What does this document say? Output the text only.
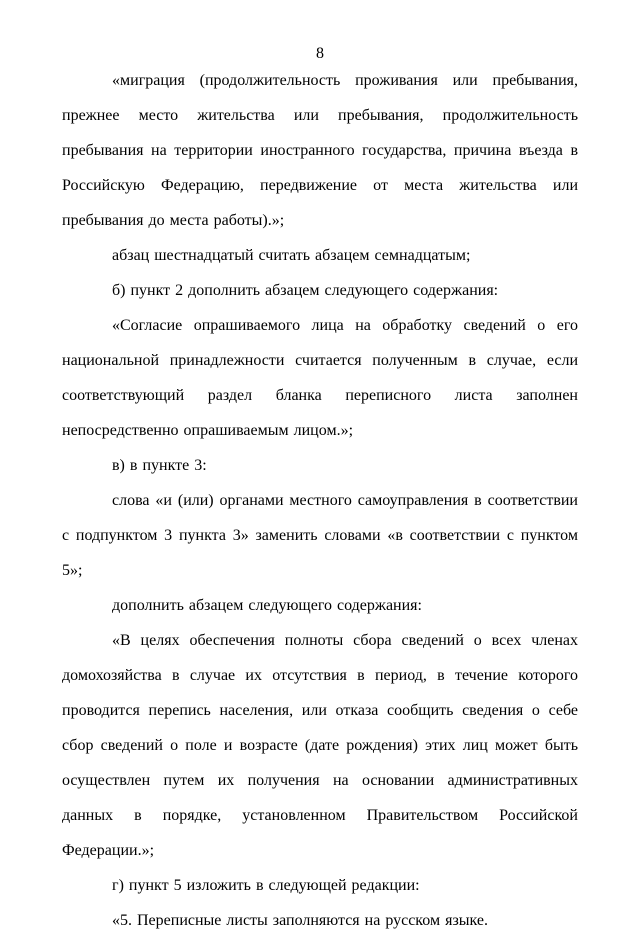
8

«миграция (продолжительность проживания или пребывания, прежнее место жительства или пребывания, продолжительность пребывания на территории иностранного государства, причина въезда в Российскую Федерацию, передвижение от места жительства или пребывания до места работы).»;

абзац шестнадцатый считать абзацем семнадцатым;

б) пункт 2 дополнить абзацем следующего содержания:

«Согласие опрашиваемого лица на обработку сведений о его национальной принадлежности считается полученным в случае, если соответствующий раздел бланка переписного листа заполнен непосредственно опрашиваемым лицом.»;

в) в пункте 3:

слова «и (или) органами местного самоуправления в соответствии с подпунктом 3 пункта 3» заменить словами «в соответствии с пунктом 5»;

дополнить абзацем следующего содержания:

«В целях обеспечения полноты сбора сведений о всех членах домохозяйства в случае их отсутствия в период, в течение которого проводится перепись населения, или отказа сообщить сведения о себе сбор сведений о поле и возрасте (дате рождения) этих лиц может быть осуществлен путем их получения на основании административных данных в порядке, установленном Правительством Российской Федерации.»;

г) пункт 5 изложить в следующей редакции:

«5. Переписные листы заполняются на русском языке.
